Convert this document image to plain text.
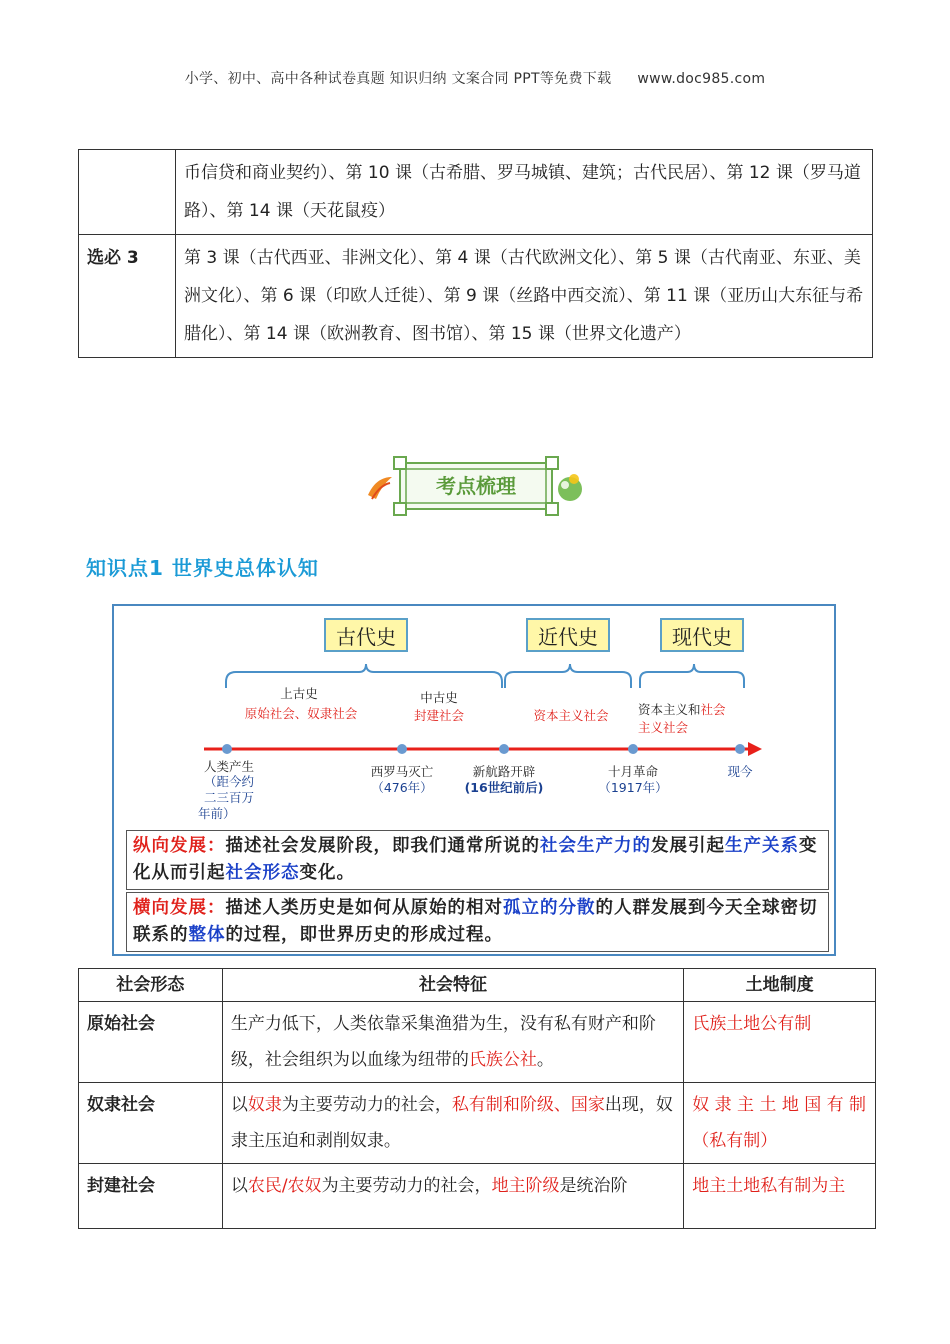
小学、初中、高中各种试卷真题 知识归纳 文案合同 PPT等免费下载 www.doc985.com
	币信贷和商业契约）、第 10 课（古希腊、罗马城镇、建筑；古代民居）、第 12 课（罗马道路）、第 14 课（天花鼠疫）
选必 3	第 3 课（古代西亚、非洲文化）、第 4 课（古代欧洲文化）、第 5 课（古代南亚、东亚、美洲文化）、第 6 课（印欧人迁徙）、第 9 课（丝路中西交流）、第 11 课（亚历山大东征与希腊化）、第 14 课（欧洲教育、图书馆）、第 15 课（世界文化遗产）
考点梳理
知识点1 世界史总体认知
古代史	近代史	现代史
上古史
原始社会、奴隶社会
中古史
封建社会	资本主义社会	资本主义和社会
主义社会
人类产生
（距今约
二三百万
年前）
西罗马灭亡
（476年）
新航路开辟
(16世纪前后)
十月革命
（1917年）
现今
纵向发展：描述社会发展阶段，即我们通常所说的社会生产力的发展引起生产关系变化从而引起社会形态变化。
横向发展：描述人类历史是如何从原始的相对孤立的分散的人群发展到今天全球密切联系的整体的过程，即世界历史的形成过程。
社会形态	社会特征	土地制度
原始社会	生产力低下，人类依靠采集渔猎为生，没有私有财产和阶级，社会组织为以血缘为纽带的氏族公社。	氏族土地公有制
奴隶社会	以奴隶为主要劳动力的社会，私有制和阶级、国家出现，奴隶主压迫和剥削奴隶。	奴 隶 主 土 地 国 有 制（私有制）
封建社会	以农民/农奴为主要劳动力的社会，地主阶级是统治阶	地主土地私有制为主
